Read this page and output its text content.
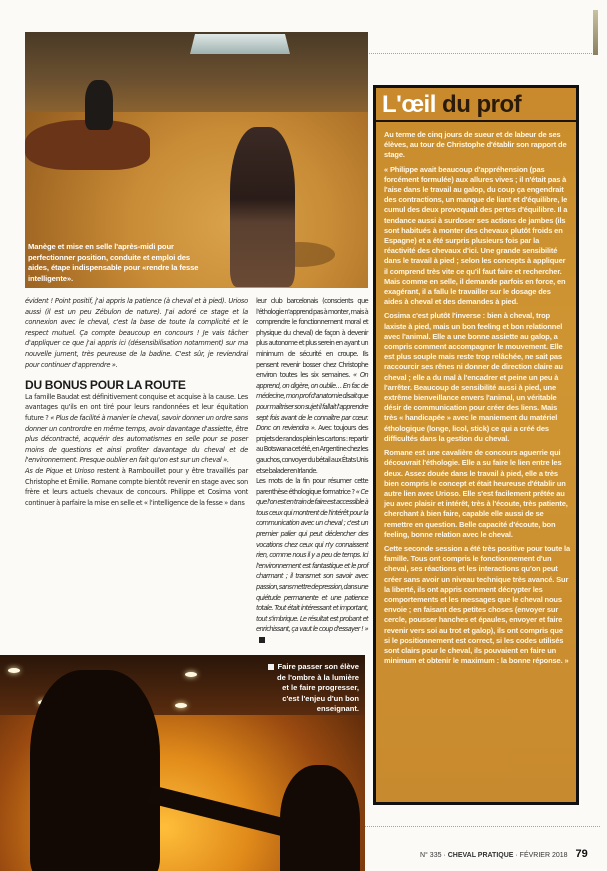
Manège et mise en selle l'après-midi pour perfectionner position, conduite et emploi des aides, étape indispensable pour «rendre la fesse intelligente».
L'œil du prof

Au terme de cinq jours de sueur et de labeur de ses élèves, au tour de Christophe d'établir son rapport de stage.

« Philippe avait beaucoup d'appréhension (pas forcément formulée) aux allures vives ; il n'était pas à l'aise dans le travail au galop, du coup ça engendrait des contractions, un manque de liant et d'équilibre, le cumul des deux provoquait des pertes d'équilibre. Il a tendance aussi à surdoser ses actions de jambes (ils sont habitués à monter des chevaux plutôt froids en Espagne) et a été surpris plusieurs fois par la réactivité des chevaux d'ici. Une grande sensibilité dans le travail à pied ; selon les concepts à appliquer il comprend très vite ce qu'il faut faire et rechercher. Mais comme en selle, il demande parfois en force, en exagérant, il a fallu le travailler sur le dosage des aides à cheval et des demandes à pied.

Cosima c'est plutôt l'inverse : bien à cheval, trop laxiste à pied, mais un bon feeling et bon relationnel avec l'animal. Elle a une bonne assiette au galop, a compris comment accompagner le mouvement. Elle est plus souple mais reste trop relâchée, ne sait pas raccourcir ses rênes ni donner de direction claire au cheval ; elle a du mal à l'encadrer et peine un peu à l'arrêter. Beaucoup de sensibilité aussi à pied, une extrême bienveillance envers l'animal, un véritable désir de communication pour créer des liens. Mais très « handicapée » avec le maniement du matériel éthologique (longe, licol, stick) ce qui a créé des difficultés dans la gestion du cheval.

Romane est une cavalière de concours aguerrie qui découvrait l'éthologie. Elle a su faire le lien entre les deux. Assez douée dans le travail à pied, elle a très bien compris le concept et était heureuse d'établir un autre lien avec Urioso. Elle s'est facilement prêtée au jeu avec plaisir et intérêt, très à l'écoute, très patiente, cherchant à bien faire, capable elle aussi de se remettre en question. Belle capacité d'écoute, bon feeling, bonne relation avec le cheval.

Cette seconde session a été très positive pour toute la famille. Tous ont compris le fonctionnement d'un cheval, ses réactions et les interactions qu'on peut créer sans avoir un niveau technique très avancé. Sur la liberté, ils ont appris comment décrypter les comportements et les messages que le cheval nous envoie ; en faisant des petites choses (envoyer sur cercle, pousser hanches et épaules, envoyer et faire revenir vers soi au trot et galop), ils ont compris que si le positionnement est correct, si les codes utilisés sont clairs pour le cheval, ils pouvaient en faire un minimum et obtenir le maximum : la bonne réponse. »

évident ! Point positif, j'ai appris la patience (à cheval et à pied). Urioso aussi (il est un peu Zébulon de nature). J'ai adoré ce stage et la connexion avec le cheval, c'est la base de toute la complicité et le respect mutuel. Ça compte beaucoup en concours ! Je vais tâcher d'appliquer ce que j'ai appris ici (désensibilisation notamment) sur ma nouvelle jument, très peureuse de la badine. C'est sûr, je reviendrai pour continuer d'apprendre ».

DU BONUS POUR LA ROUTE

La famille Baudat est définitivement conquise et acquise à la cause. Les avantages qu'ils en ont tiré pour leurs randonnées et leur équitation future ? « Plus de facilité à manier le cheval, savoir donner un ordre sans donner un contrordre en même temps, avoir davantage d'assiette, être plus décontracté, acquérir des automatismes en selle pour se poser moins de questions et ainsi profiter davantage du cheval et de l'environnement. Presque oublier en fait qu'on est sur un cheval ».

As de Pique et Urioso restent à Rambouillet pour y être travaillés par Christophe et Émilie. Romane compte bientôt revenir en stage avec son frère et leurs actuels chevaux de concours. Philippe et Cosima vont continuer à parfaire la mise en selle et « l'intelligence de la fesse » dans

leur club barcelonais (conscients que l'éthologie n'apprend pas à monter, mais à comprendre le fonctionnement moral et physique du cheval) de façon à devenir plus autonome et plus serein en ayant un minimum de sécurité en croupe. Ils pensent revenir bosser chez Christophe environ toutes les six semaines. « On apprend, on digère, on oublie… En fac de médecine, mon prof d'anatomie disait que pour maîtriser son sujet il fallait l'apprendre sept fois avant de le connaître par cœur. Donc on reviendra ». Avec toujours des projets de randos plein les cartons : repartir au Botswana cet été, en Argentine chez les gauchos, convoyer du bétail aux États Unis et se balader en Irlande.

Les mots de la fin pour résumer cette parenthèse éthologique formatrice ? « Ce que l'on est en train de faire est accessible à tous ceux qui montrent de l'intérêt pour la communication avec un cheval ; c'est un premier palier qui peut déclencher des vocations chez ceux qui n'y connaissent rien, comme nous il y a peu de temps. Ici l'environnement est fantastique et le prof charmant ; il transmet son savoir avec passion, sans mettre de pression, dans une quiétude permanente et une patience totale. Tout était intéressant et important, tout s'imbrique. Le résultat est probant et enrichissant, ça vaut le coup d'essayer ! »

Faire passer son élève de l'ombre à la lumière et le faire progresser, c'est l'enjeu d'un bon enseignant.
N° 335 · CHEVAL PRATIQUE · FÉVRIER 2018 79
